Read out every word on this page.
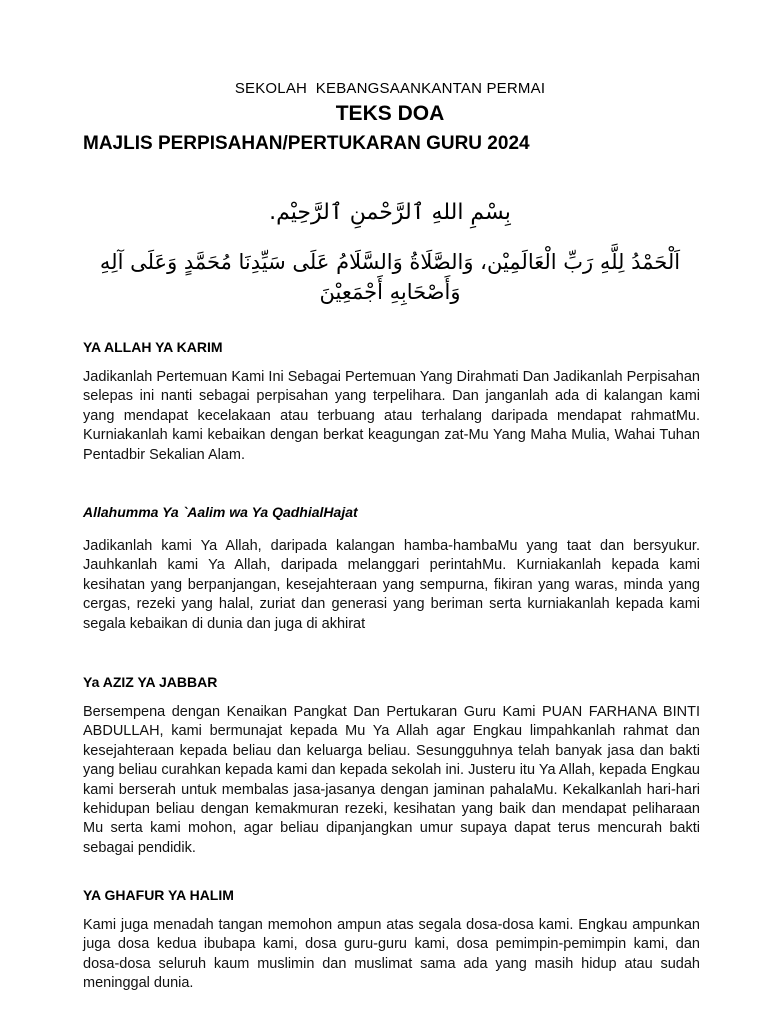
SEKOLAH  KEBANGSAANKANTAN PERMAI
TEKS DOA
MAJLIS PERPISAHAN/PERTUKARAN GURU 2024
بِسْمِ اللهِ ٱلرَّحْمنِ ٱلرَّحِيْم.
اَلْحَمْدُ لِلَّهِ رَبِّ الْعَالَمِيْن، وَالصَّلَاةُ وَالسَّلَامُ عَلَى سَيِّدِنَا مُحَمَّدٍ وَعَلَى آلِهِ وَأَصْحَابِهِ أَجْمَعِيْنَ
YA ALLAH YA KARIM
Jadikanlah Pertemuan Kami Ini Sebagai Pertemuan Yang Dirahmati Dan Jadikanlah Perpisahan selepas ini nanti sebagai perpisahan yang terpelihara. Dan janganlah ada di kalangan kami yang mendapat kecelakaan atau terbuang atau terhalang daripada mendapat rahmatMu. Kurniakanlah kami kebaikan dengan berkat keagungan zat-Mu Yang Maha Mulia, Wahai Tuhan Pentadbir Sekalian Alam.
Allahumma Ya `Aalim wa Ya QadhialHajat
Jadikanlah kami Ya Allah, daripada kalangan hamba-hambaMu yang taat dan bersyukur. Jauhkanlah kami Ya Allah, daripada melanggari perintahMu. Kurniakanlah kepada kami kesihatan yang berpanjangan, kesejahteraan yang sempurna, fikiran yang waras, minda yang cergas, rezeki yang halal, zuriat dan generasi yang beriman serta kurniakanlah kepada kami segala kebaikan di dunia dan juga di akhirat
Ya AZIZ YA JABBAR
Bersempena dengan Kenaikan Pangkat Dan Pertukaran Guru Kami PUAN FARHANA BINTI ABDULLAH, kami bermunajat kepada Mu Ya Allah agar Engkau limpahkanlah rahmat dan kesejahteraan kepada beliau dan keluarga beliau. Sesungguhnya telah banyak jasa dan bakti yang beliau curahkan kepada kami dan kepada sekolah ini. Justeru itu Ya Allah, kepada Engkau kami berserah untuk membalas jasa-jasanya dengan jaminan pahalaMu. Kekalkanlah hari-hari kehidupan beliau dengan kemakmuran rezeki, kesihatan yang baik dan mendapat peliharaan Mu serta kami mohon, agar beliau dipanjangkan umur supaya dapat terus mencurah bakti sebagai pendidik.
YA GHAFUR YA HALIM
Kami juga menadah tangan memohon ampun atas segala dosa-dosa kami. Engkau ampunkan juga dosa kedua ibubapa kami, dosa guru-guru kami, dosa pemimpin-pemimpin kami, dan dosa-dosa seluruh kaum muslimin dan muslimat sama ada yang masih hidup atau sudah meninggal dunia.
